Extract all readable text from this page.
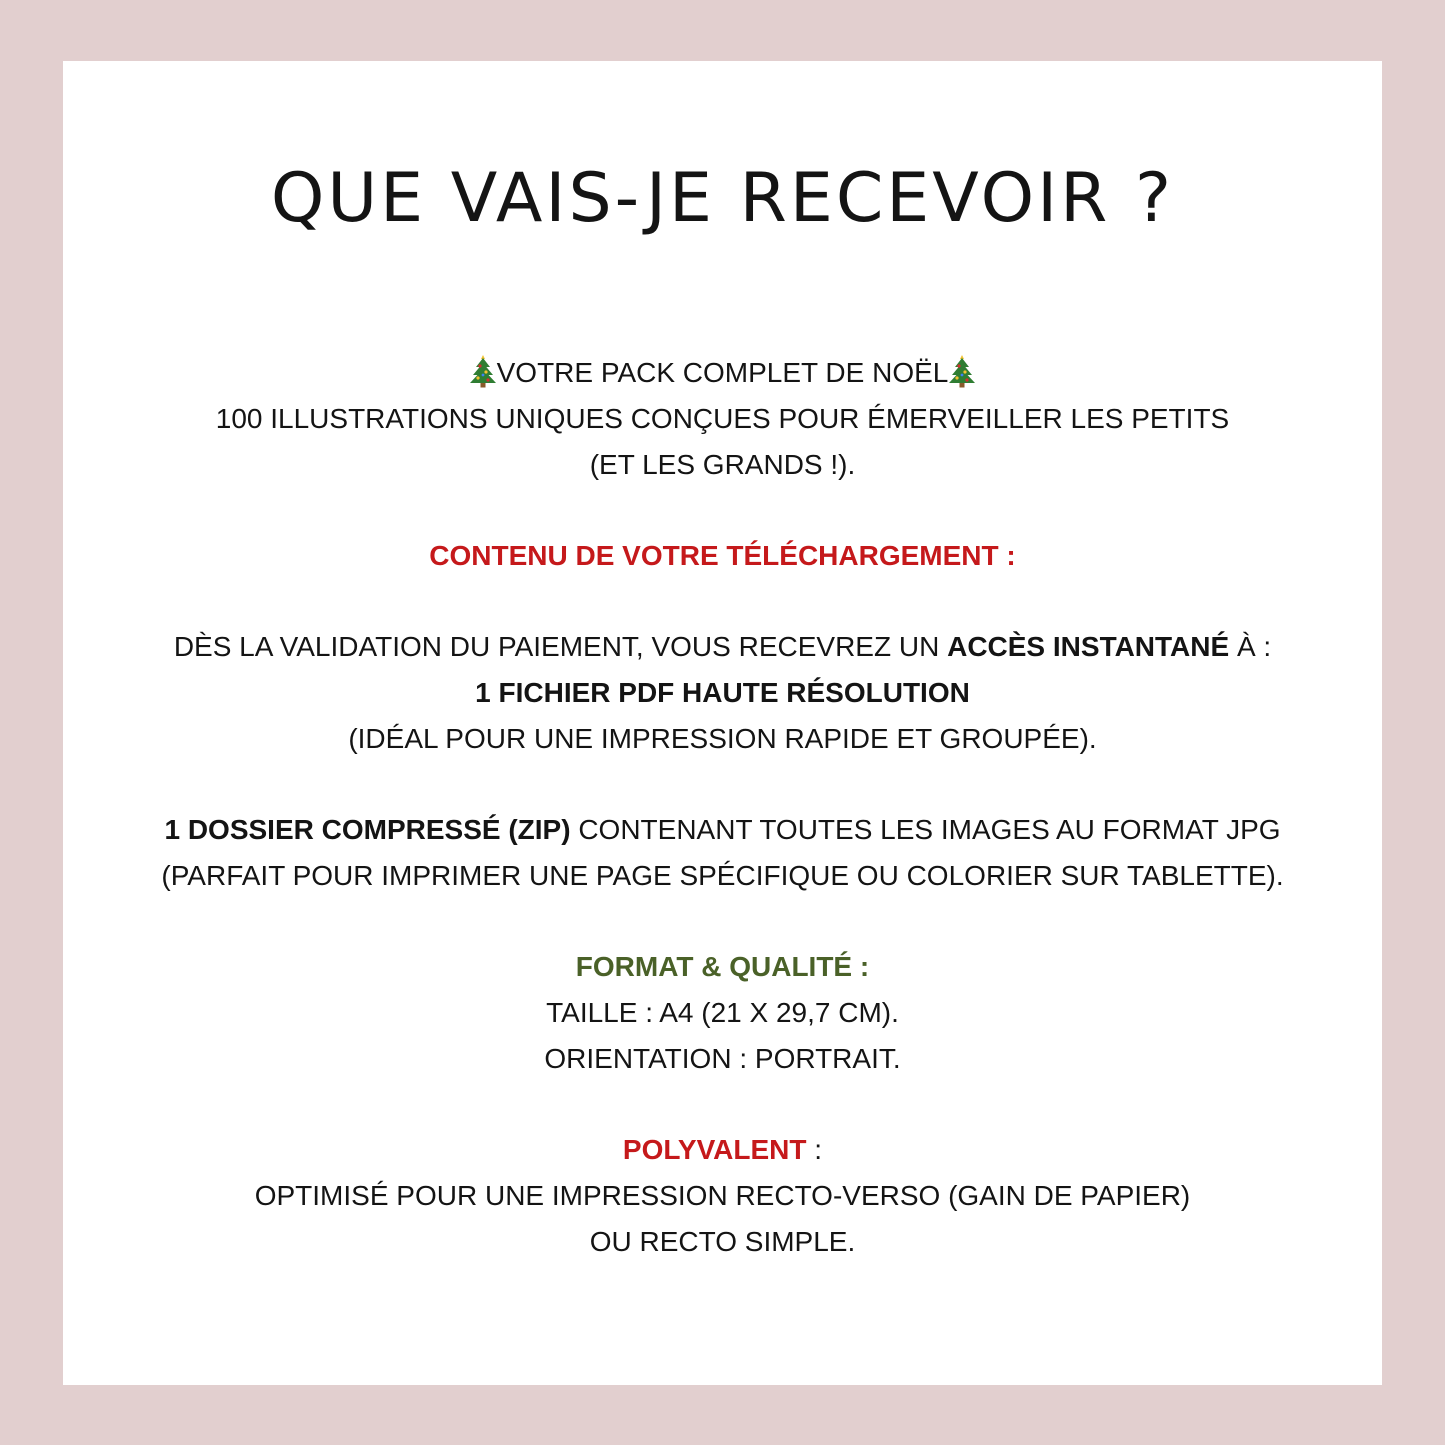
QUE VAIS-JE RECEVOIR ?

VOTRE PACK COMPLET DE NOËL

100 ILLUSTRATIONS UNIQUES CONÇUES POUR ÉMERVEILLER LES PETITS

(ET LES GRANDS !).

CONTENU DE VOTRE TÉLÉCHARGEMENT :

DÈS LA VALIDATION DU PAIEMENT, VOUS RECEVREZ UN ACCÈS INSTANTANÉ À :

1 FICHIER PDF HAUTE RÉSOLUTION

(IDÉAL POUR UNE IMPRESSION RAPIDE ET GROUPÉE).

1 DOSSIER COMPRESSÉ (ZIP) CONTENANT TOUTES LES IMAGES AU FORMAT JPG

(PARFAIT POUR IMPRIMER UNE PAGE SPÉCIFIQUE OU COLORIER SUR TABLETTE).

FORMAT & QUALITÉ :

TAILLE : A4 (21 X 29,7 CM).

ORIENTATION : PORTRAIT.

POLYVALENT :

OPTIMISÉ POUR UNE IMPRESSION RECTO-VERSO (GAIN DE PAPIER)

OU RECTO SIMPLE.
